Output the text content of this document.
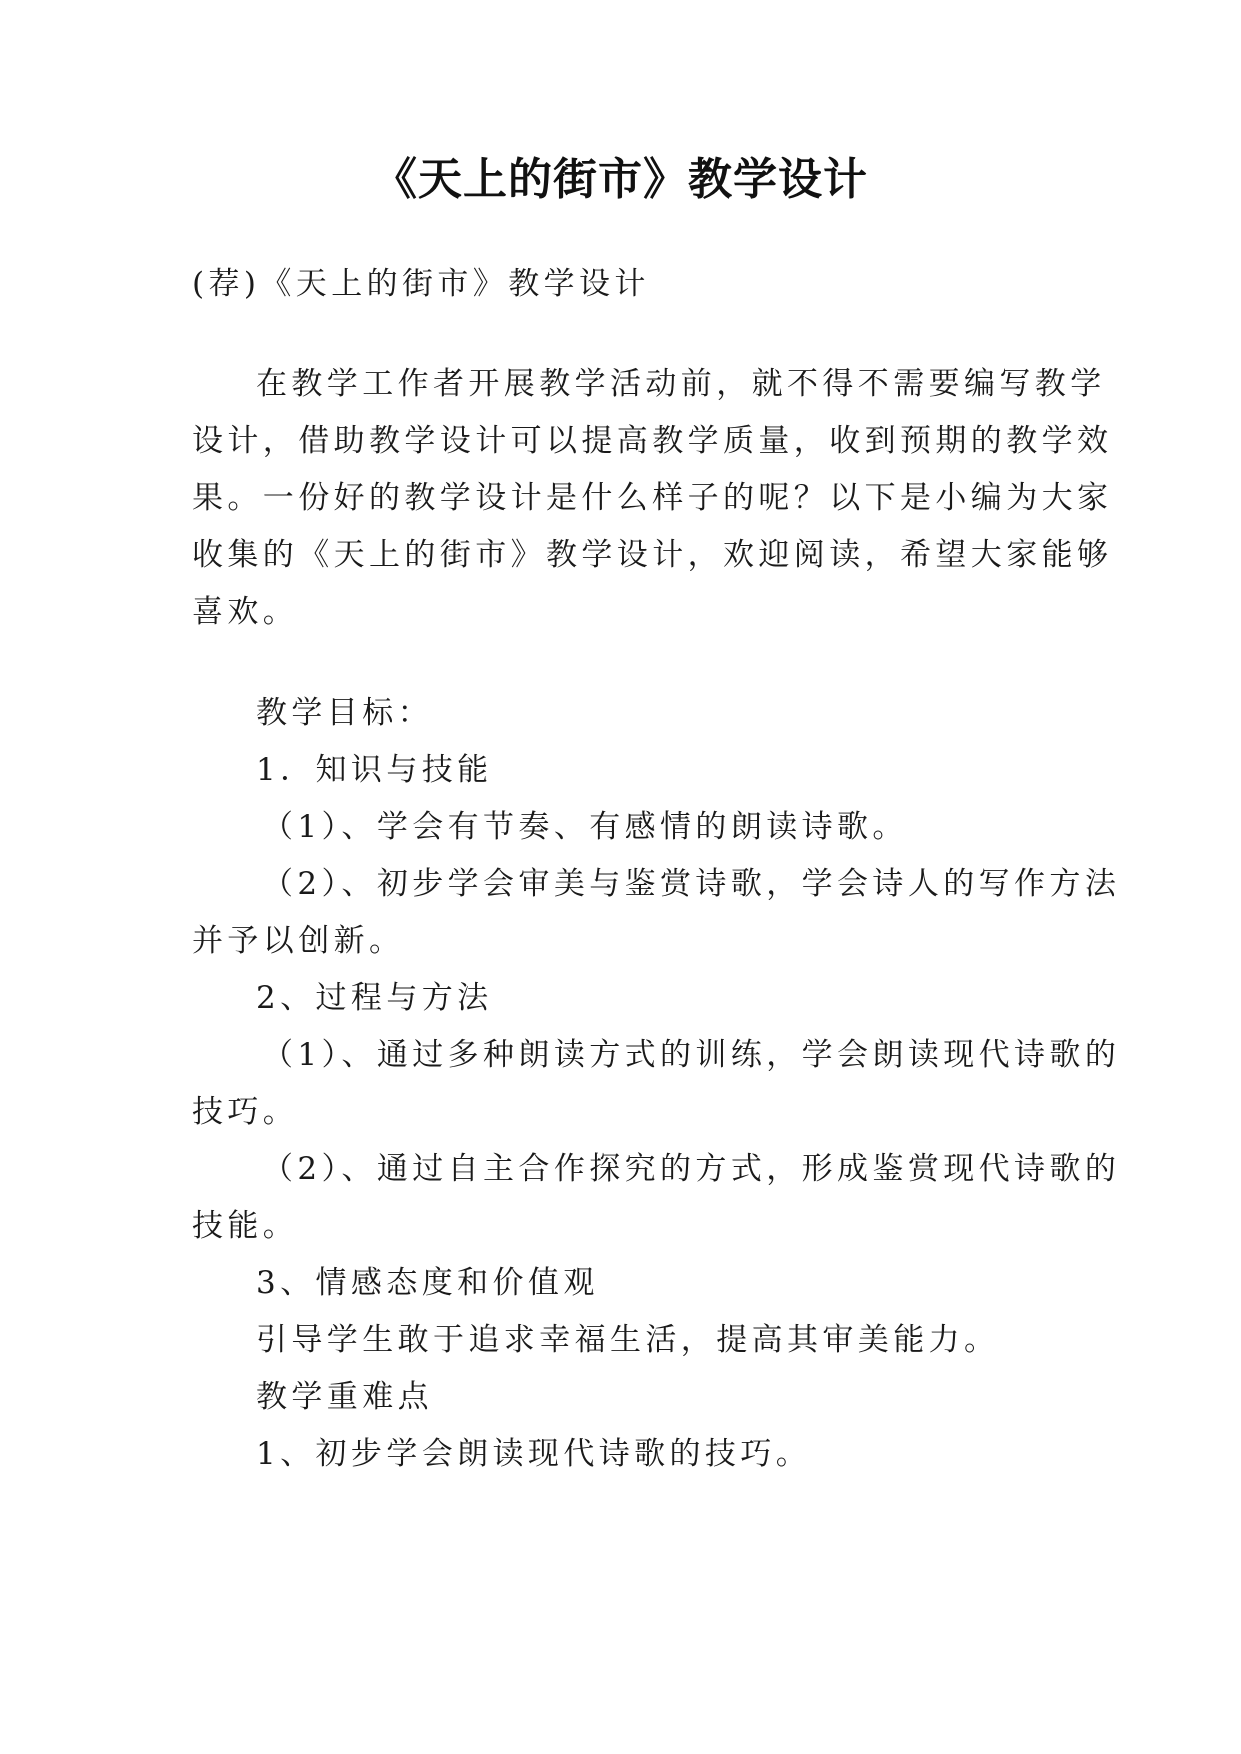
《天上的街市》教学设计
(荐)《天上的街市》教学设计
在教学工作者开展教学活动前，就不得不需要编写教学
设计，借助教学设计可以提高教学质量，收到预期的教学效
果。一份好的教学设计是什么样子的呢？以下是小编为大家
收集的《天上的街市》教学设计，欢迎阅读，希望大家能够
喜欢。
教学目标：
1．知识与技能
（1）、学会有节奏、有感情的朗读诗歌。
（2）、初步学会审美与鉴赏诗歌，学会诗人的写作方法
并予以创新。
2、过程与方法
（1）、通过多种朗读方式的训练，学会朗读现代诗歌的
技巧。
（2）、通过自主合作探究的方式，形成鉴赏现代诗歌的
技能。
3、情感态度和价值观
引导学生敢于追求幸福生活，提高其审美能力。
教学重难点
1、初步学会朗读现代诗歌的技巧。
